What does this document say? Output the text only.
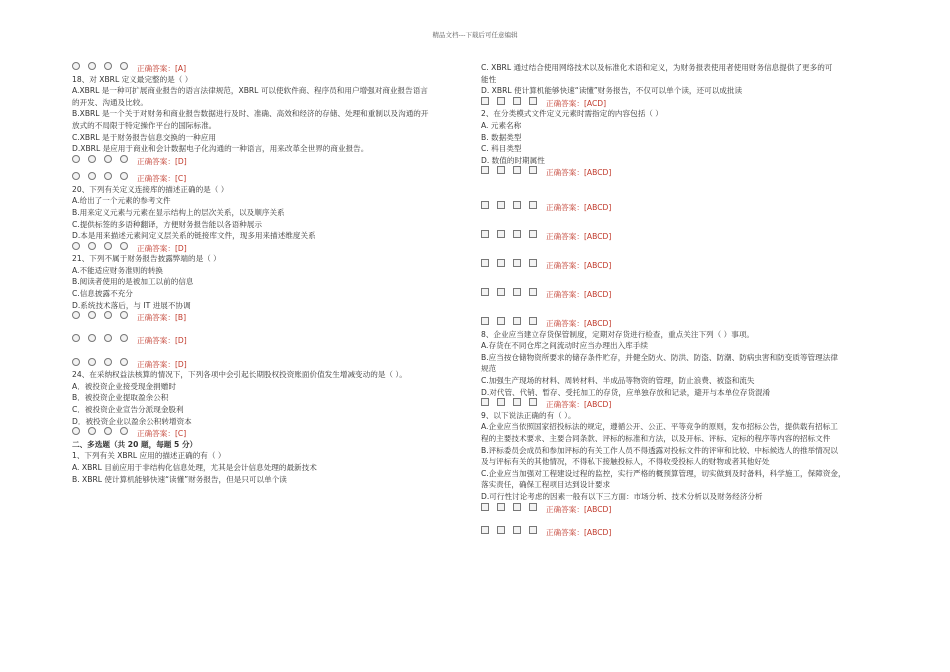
精品文档---下载后可任意编辑
正确答案：[A]
18、对 XBRL 定义最完整的是（ ）
A.XBRL 是一种可扩展商业报告的语言法律规范，XBRL 可以使软件商、程序员和用户增强对商业报告语言
的开发、沟通及比较。
B.XBRL 是一个关于对财务和商业报告数据进行及时、准确、高效和经济的存储、处理和重制以及沟通的开
放式的不局限于特定操作平台的国际标准。
C.XBRL 是于财务报告信息交换的一种应用
D.XBRL 是应用于商业和会计数据电子化沟通的一种语言，用来改革全世界的商业报告。
正确答案：[D]
正确答案：[C]
20、下列有关定义连接库的描述正确的是（ ）
A.给出了一个元素的参考文件
B.用来定义元素与元素在显示结构上的层次关系，以及顺序关系
C.提供标签的多语种翻译，方便财务报告能以各语种展示
D.本是用来描述元素间定义层关系的链接库文件，现多用来描述维度关系
正确答案：[D]
21、下列不属于财务报告披露弊端的是（ ）
A.不能适应财务准则的转换
B.阅读者使用的是被加工以前的信息
C.信息披露不充分
D.系统技术落后，与 IT 进展不协调
正确答案：[B]
正确答案：[D]
正确答案：[D]
24、在采纳权益法核算的情况下，下列各项中会引起长期股权投资账面价值发生增减变动的是（ ）。
A．被投资企业接受现金捐赠时
B．被投资企业提取盈余公积
C．被投资企业宣告分派现金股利
D．被投资企业以盈余公积转增资本
正确答案：[C]
二、多选题（共 20 题，每题 5 分）
1、下列有关 XBRL 应用的描述正确的有（ ）
A. XBRL 目前应用于非结构化信息处理，尤其是会计信息处理的最新技术
B. XBRL 使计算机能够快速“读懂”财务报告，但是只可以单个读
C. XBRL 通过结合使用网络技术以及标准化术语和定义，为财务报表使用者使用财务信息提供了更多的可
能性
D. XBRL 使计算机能够快速“读懂”财务报告，不仅可以单个读，还可以成批读
正确答案：[ACD]
2、在分类模式文件定义元素时需指定的内容包括（ ）
A. 元素名称
B. 数据类型
C. 科目类型
D. 数值的时期属性
正确答案：[ABCD]
正确答案：[ABCD]
正确答案：[ABCD]
正确答案：[ABCD]
正确答案：[ABCD]
正确答案：[ABCD]
8、企业应当建立存货保管制度，定期对存货进行检查，重点关注下列（ ）事项。
A.存货在不同仓库之间流动时应当办理出入库手续
B.应当按仓储物资所要求的储存条件贮存，并健全防火、防洪、防盗、防潮、防病虫害和防变质等管理法律
规范
C.加强生产现场的材料、周转材料、半成品等物资的管理，防止浪费、被盗和流失
D.对代管、代销、暂存、受托加工的存货，应单独存放和记录，避开与本单位存货混淆
正确答案：[ABCD]
9、以下说法正确的有（ ）。
A.企业应当依照国家招投标法的规定，遵循公开、公正、平等竞争的原则，发布招标公告，提供载有招标工
程的主要技术要求、主要合同条款、评标的标准和方法，以及开标、评标、定标的程序等内容的招标文件
B.评标委员会成员和参加评标的有关工作人员不得透露对投标文件的评审和比较、中标候选人的推举情况以
及与评标有关的其他情况，不得私下接触投标人，不得收受投标人的财物或者其他好处
C.企业应当加强对工程建设过程的监控，实行严格的概预算管理，切实做到及时备料，科学施工，保障资金，
落实责任，确保工程项目达到设计要求
D.可行性讨论考虑的因素一般有以下三方面：市场分析、技术分析以及财务经济分析
正确答案：[ABCD]
正确答案：[ABCD]
